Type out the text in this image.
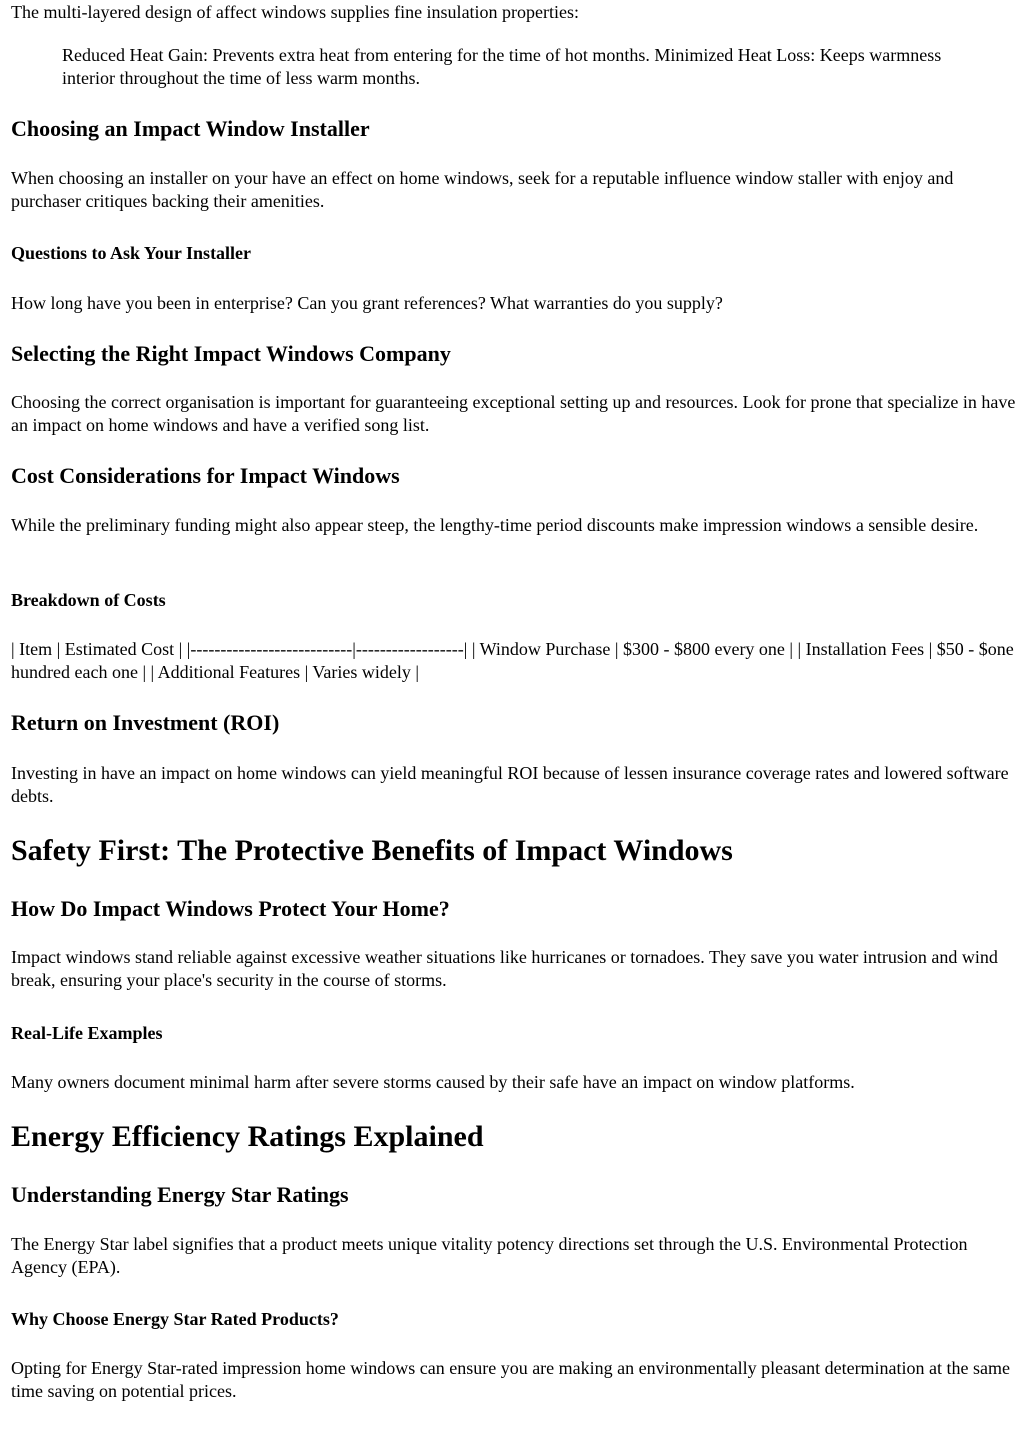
The multi-layered design of affect windows supplies fine insulation properties:

Reduced Heat Gain: Prevents extra heat from entering for the time of hot months. Minimized Heat Loss: Keeps warmness interior throughout the time of less warm months.

Choosing an Impact Window Installer

When choosing an installer on your have an effect on home windows, seek for a reputable influence window staller with enjoy and purchaser critiques backing their amenities.

Questions to Ask Your Installer

How long have you been in enterprise? Can you grant references? What warranties do you supply?

Selecting the Right Impact Windows Company

Choosing the correct organisation is important for guaranteeing exceptional setting up and resources. Look for prone that specialize in have an impact on home windows and have a verified song list.

Cost Considerations for Impact Windows

While the preliminary funding might also appear steep, the lengthy-time period discounts make impression windows a sensible desire.

Breakdown of Costs

| Item | Estimated Cost | |---------------------------|------------------| | Window Purchase | $300 - $800 every one | | Installation Fees | $50 - $one hundred each one | | Additional Features | Varies widely |

Return on Investment (ROI)

Investing in have an impact on home windows can yield meaningful ROI because of lessen insurance coverage rates and lowered software debts.

Safety First: The Protective Benefits of Impact Windows
How Do Impact Windows Protect Your Home?

Impact windows stand reliable against excessive weather situations like hurricanes or tornadoes. They save you water intrusion and wind break, ensuring your place's security in the course of storms.

Real-Life Examples

Many owners document minimal harm after severe storms caused by their safe have an impact on window platforms.

Energy Efficiency Ratings Explained
Understanding Energy Star Ratings

The Energy Star label signifies that a product meets unique vitality potency directions set through the U.S. Environmental Protection Agency (EPA).

Why Choose Energy Star Rated Products?

Opting for Energy Star-rated impression home windows can ensure you are making an environmentally pleasant determination at the same time saving on potential prices.
